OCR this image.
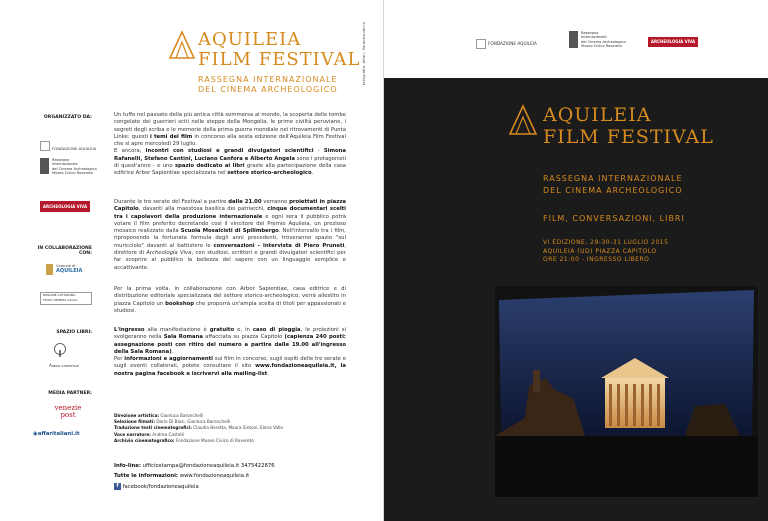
AQUILEIA
FILM FESTIVAL
RASSEGNA INTERNAZIONALE
DEL CINEMA ARCHEOLOGICO
fotografia: Altair, Vorabevulatrix
ORGANIZZATO DA:
FONDAZIONE AQUILEIA
Rassegna
Internazionale
del Cinema Archeologico
Museo Civico Rovereto
ARCHEOLOGIA VIVA
IN COLLABORAZIONE CON:
Comune di
AQUILEIA
REGIONE AUTONOMA
FRIULI VENEZIA GIULIA
SPAZIO LIBRI:
Arbor sapientiae
MEDIA PARTNER:
venezie
post
◉affaritaliani.it
Un tuffo nel passato della più antica città sommersa al mondo, la scoperta delle tombe congelate dei guerrieri sciti nelle steppe della Mongolia, le prime civiltà peruviane, i segreti degli scriba e le memorie della prima guerra mondiale nei ritrovamenti di Punta Linke: questi i temi dei film in concorso alla sesta edizione dell'Aquileia Film Festival che si apre mercoledì 29 luglio.
E ancora, incontri con studiosi e grandi divulgatori scientifici - Simona Rafanelli, Stefano Cantini, Luciano Canfora e Alberto Angela sono i protagonisti di quest'anno - e uno spazio dedicato ai libri grazie alla partecipazione della casa editrice Arbor Sapientiae specializzata nel settore storico-archeologico.
Durante le tre serate del Festival a partire dalle 21.00 verranno proiettati in piazza Capitolo, davanti alla maestosa basilica dei patriarchi, cinque documentari scelti tra i capolavori della produzione internazionale e ogni sera il pubblico potrà votare il film preferito decretando così il vincitore del Premio Aquileia, un prezioso mosaico realizzato dalla Scuola Mosaicisti di Spilimbergo. Nell'intervallo tra i film, riproponendo la fortunata formula degli anni precedenti, troveranno spazio "sul muricciolo" davanti al battistero le conversazioni - intervista di Piero Pruneti, direttore di Archeologia Viva, con studiosi, scrittori e grandi divulgatori scientifici per far scoprire al pubblico la bellezza del sapere con un linguaggio semplice e accattivante.
Per la prima volta, in collaborazione con Arbor Sapientiae, casa editrice e di distribuzione editoriale specializzata del settore storico-archeologico, verrà allestito in piazza Capitolo un bookshop che proporrà un'ampia scelta di titoli per appassionati e studiosi.
L'ingresso alla manifestazione è gratuito e, in caso di pioggia, le proiezioni si svolgeranno nella Sala Romana affacciata su piazza Capitolo (capienza 240 posti: assegnazione posti con ritiro del numero a partire dalle 19.00 all'ingresso della Sala Romana).
Per informazioni e aggiornamenti sui film in concorso, sugli ospiti delle tre serate e sugli eventi collaterali, potete consultare il sito www.fondazioneaquileia.it, la nostra pagina facebook e iscrivervi alla mailing-list.
Direzione artistica: Gianluca Baronchelli
Selezione filmati: Dario Di Blasi, Gianluca Baronchelli
Traduzione testi cinematografici: Claudia Beretta, Maura Sintoni, Elena Valle
Voce narratore: Andrea Castelli
Archivio cinematografico: Fondazione Museo Civico di Rovereto
Info-line: ufficiostampa@fondazioneaquileia.it 3475422876
Tutte le informazioni: www.fondazioneaquileia.it
f facebook/fondazioneaquileia
FONDAZIONE AQUILEIA
Rassegna
Internazionale
del Cinema Archeologico
Museo Civico Rovereto
ARCHEOLOGIA VIVA
AQUILEIA
FILM FESTIVAL
RASSEGNA INTERNAZIONALE
DEL CINEMA ARCHEOLOGICO
FILM, CONVERSAZIONI, LIBRI
VI EDIZIONE, 29-30-31 LUGLIO 2015
AQUILEIA (UD) PIAZZA CAPITOLO
ORE 21:00 - INGRESSO LIBERO
